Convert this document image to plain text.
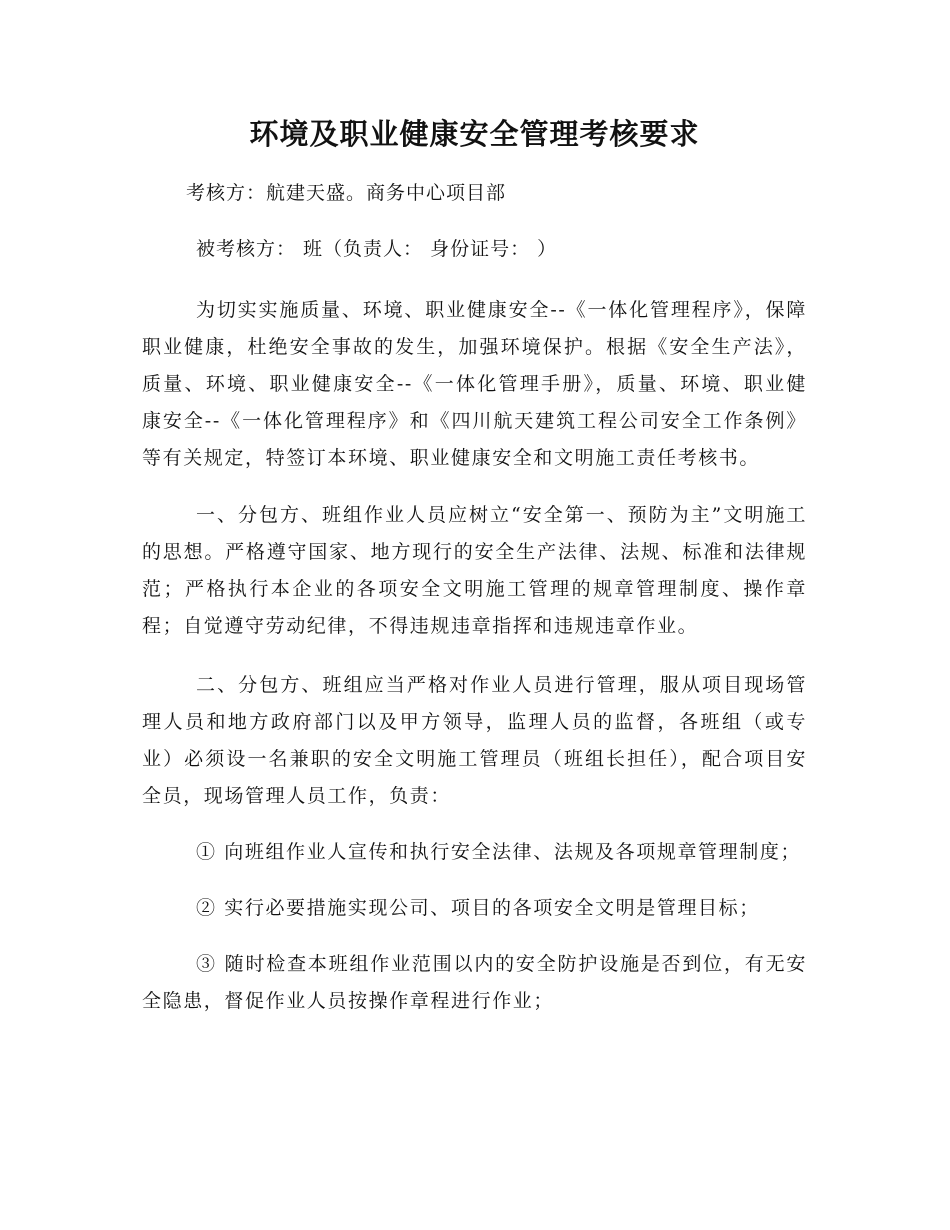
环境及职业健康安全管理考核要求

考核方：航建天盛。商务中心项目部

被考核方： 班（负责人： 身份证号： ）

为切实实施质量、环境、职业健康安全--《一体化管理程序》，保障职业健康，杜绝安全事故的发生，加强环境保护。根据《安全生产法》，质量、环境、职业健康安全--《一体化管理手册》，质量、环境、职业健康安全--《一体化管理程序》和《四川航天建筑工程公司安全工作条例》等有关规定，特签订本环境、职业健康安全和文明施工责任考核书。

一、分包方、班组作业人员应树立“安全第一、预防为主”文明施工的思想。严格遵守国家、地方现行的安全生产法律、法规、标准和法律规范；严格执行本企业的各项安全文明施工管理的规章管理制度、操作章程；自觉遵守劳动纪律，不得违规违章指挥和违规违章作业。

二、分包方、班组应当严格对作业人员进行管理，服从项目现场管理人员和地方政府部门以及甲方领导，监理人员的监督，各班组（或专业）必须设一名兼职的安全文明施工管理员（班组长担任），配合项目安全员，现场管理人员工作，负责：

① 向班组作业人宣传和执行安全法律、法规及各项规章管理制度；

② 实行必要措施实现公司、项目的各项安全文明是管理目标；

③ 随时检查本班组作业范围以内的安全防护设施是否到位，有无安全隐患，督促作业人员按操作章程进行作业；
